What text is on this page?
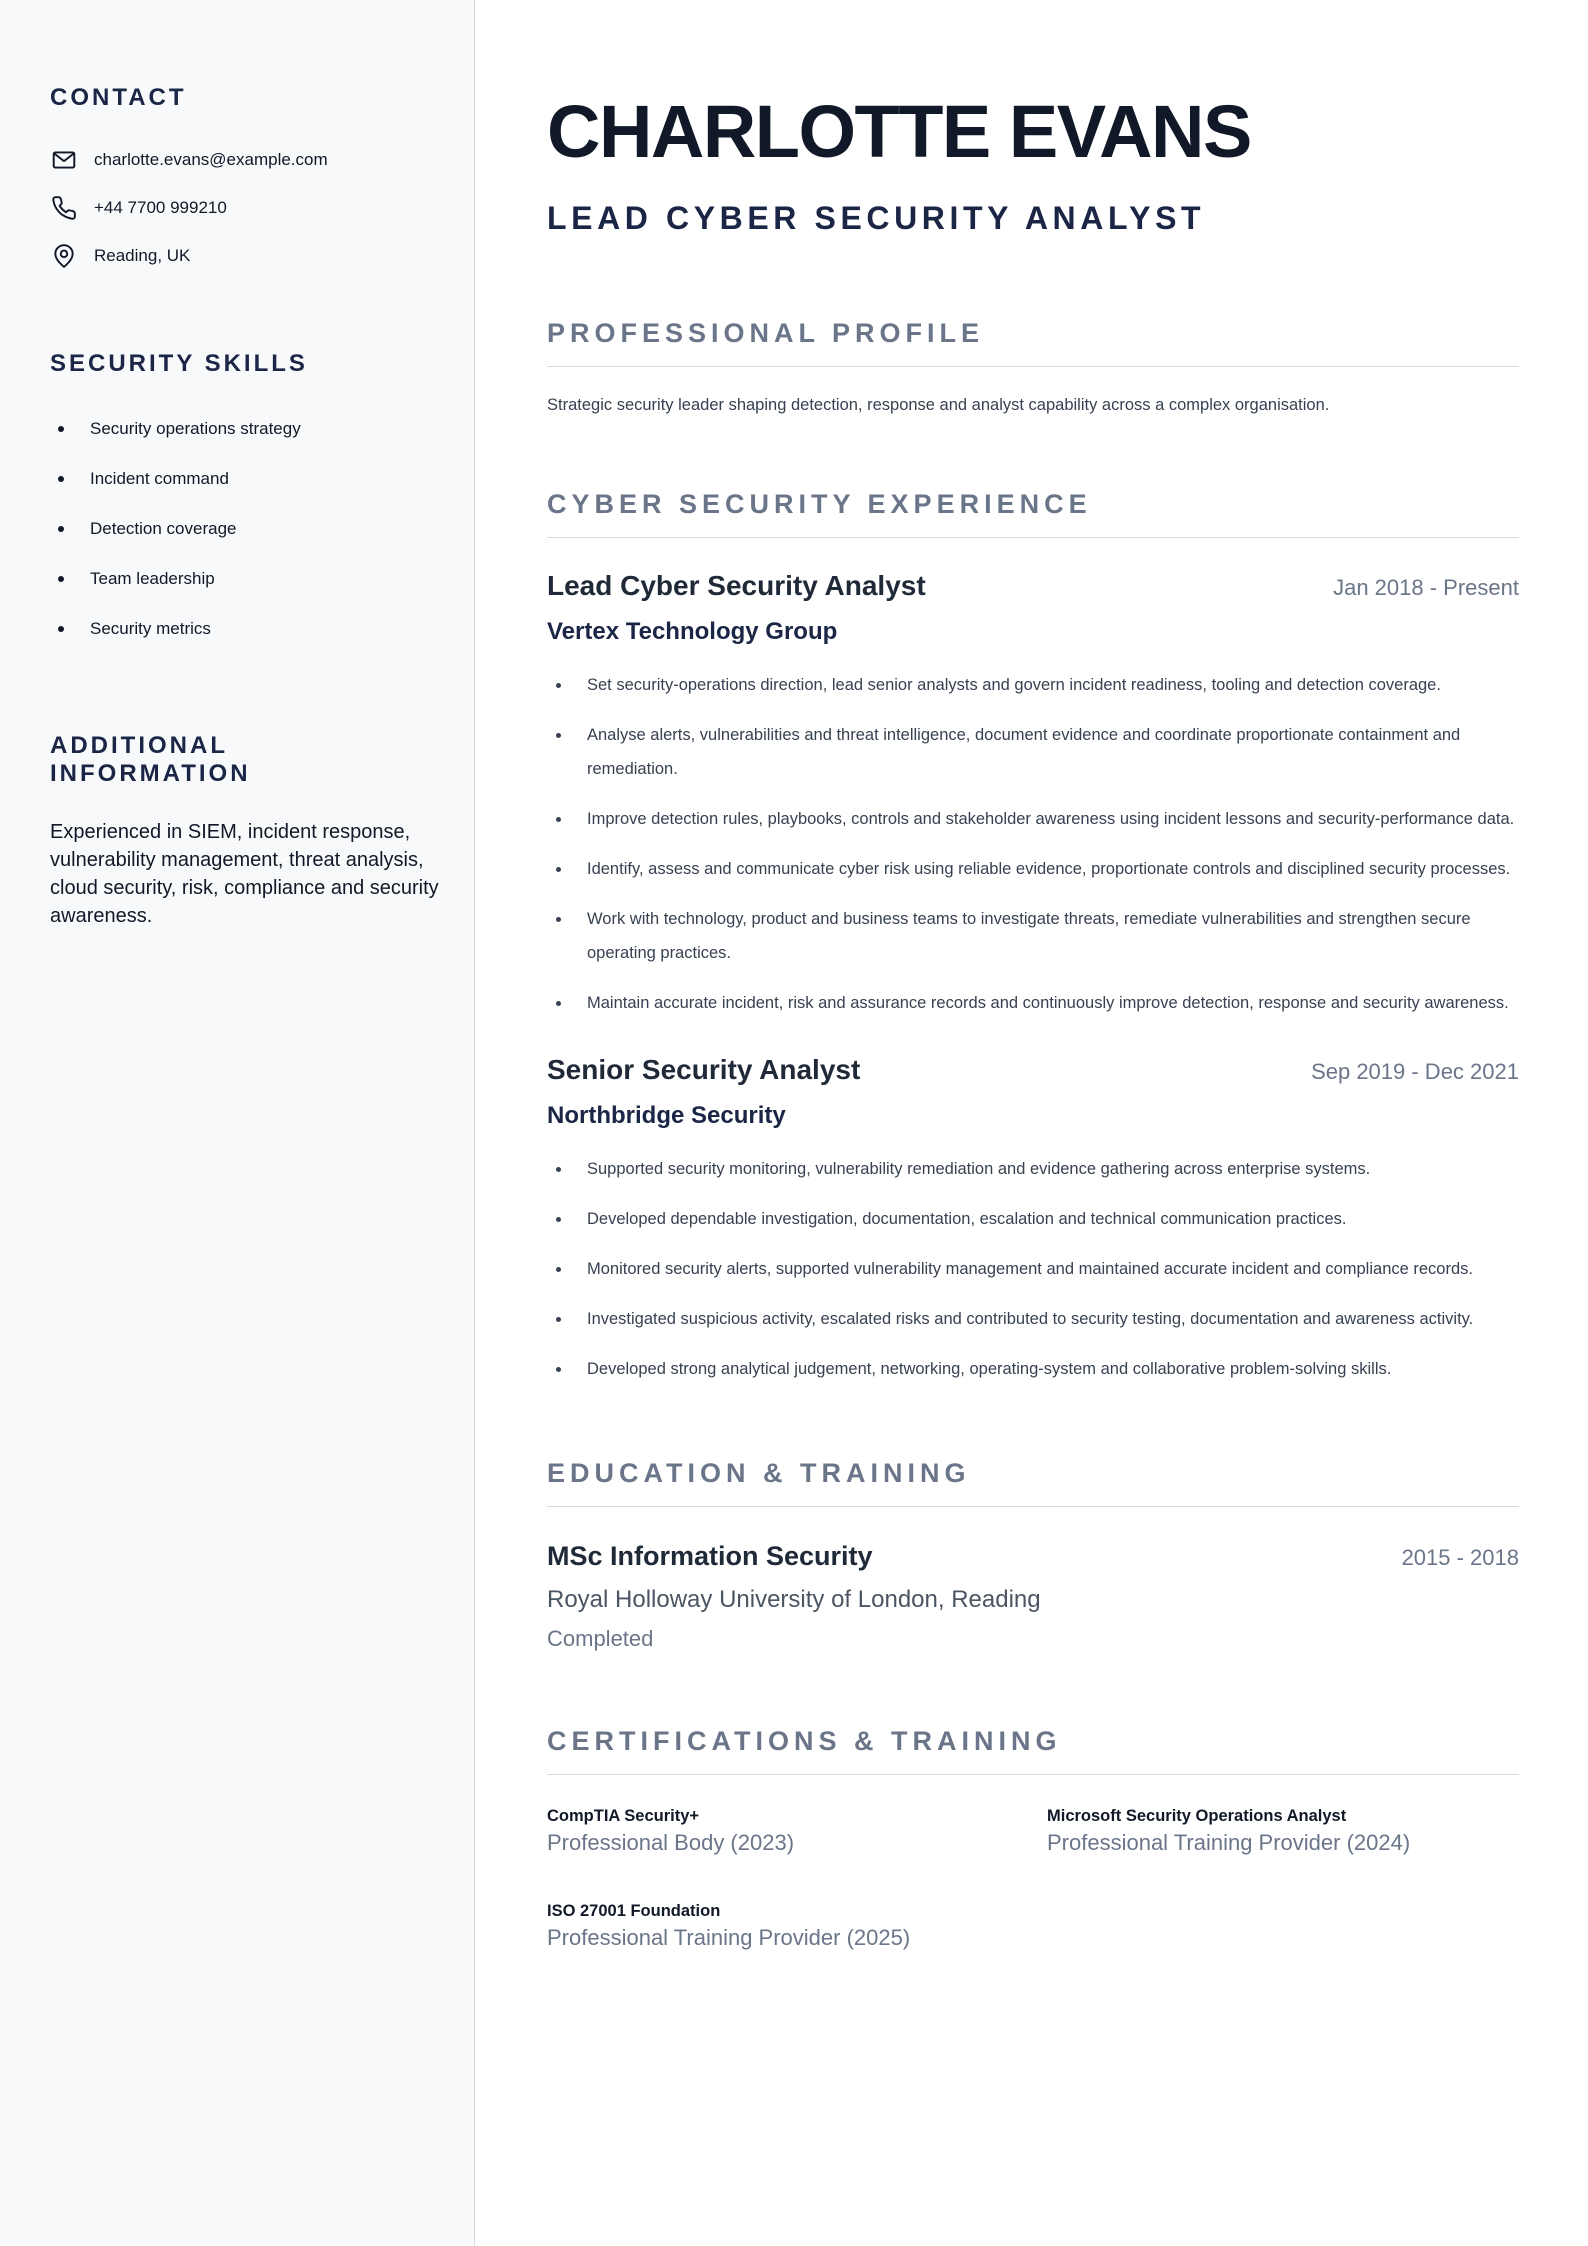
CONTACT
charlotte.evans@example.com
+44 7700 999210
Reading, UK
SECURITY SKILLS
Security operations strategy
Incident command
Detection coverage
Team leadership
Security metrics
ADDITIONAL INFORMATION

Experienced in SIEM, incident response, vulnerability management, threat analysis, cloud security, risk, compliance and security awareness.

CHARLOTTE EVANS
LEAD CYBER SECURITY ANALYST
PROFESSIONAL PROFILE

Strategic security leader shaping detection, response and analyst capability across a complex organisation.

CYBER SECURITY EXPERIENCE
Lead Cyber Security Analyst	Jan 2018 - Present
Vertex Technology Group
Set security-operations direction, lead senior analysts and govern incident readiness, tooling and detection coverage.
Analyse alerts, vulnerabilities and threat intelligence, document evidence and coordinate proportionate containment and remediation.
Improve detection rules, playbooks, controls and stakeholder awareness using incident lessons and security-performance data.
Identify, assess and communicate cyber risk using reliable evidence, proportionate controls and disciplined security processes.
Work with technology, product and business teams to investigate threats, remediate vulnerabilities and strengthen secure operating practices.
Maintain accurate incident, risk and assurance records and continuously improve detection, response and security awareness.
Senior Security Analyst	Sep 2019 - Dec 2021
Northbridge Security
Supported security monitoring, vulnerability remediation and evidence gathering across enterprise systems.
Developed dependable investigation, documentation, escalation and technical communication practices.
Monitored security alerts, supported vulnerability management and maintained accurate incident and compliance records.
Investigated suspicious activity, escalated risks and contributed to security testing, documentation and awareness activity.
Developed strong analytical judgement, networking, operating-system and collaborative problem-solving skills.
EDUCATION & TRAINING
MSc Information Security	2015 - 2018
Royal Holloway University of London, Reading
Completed
CERTIFICATIONS & TRAINING
CompTIA Security+
Professional Body (2023)
Microsoft Security Operations Analyst
Professional Training Provider (2024)
ISO 27001 Foundation
Professional Training Provider (2025)
